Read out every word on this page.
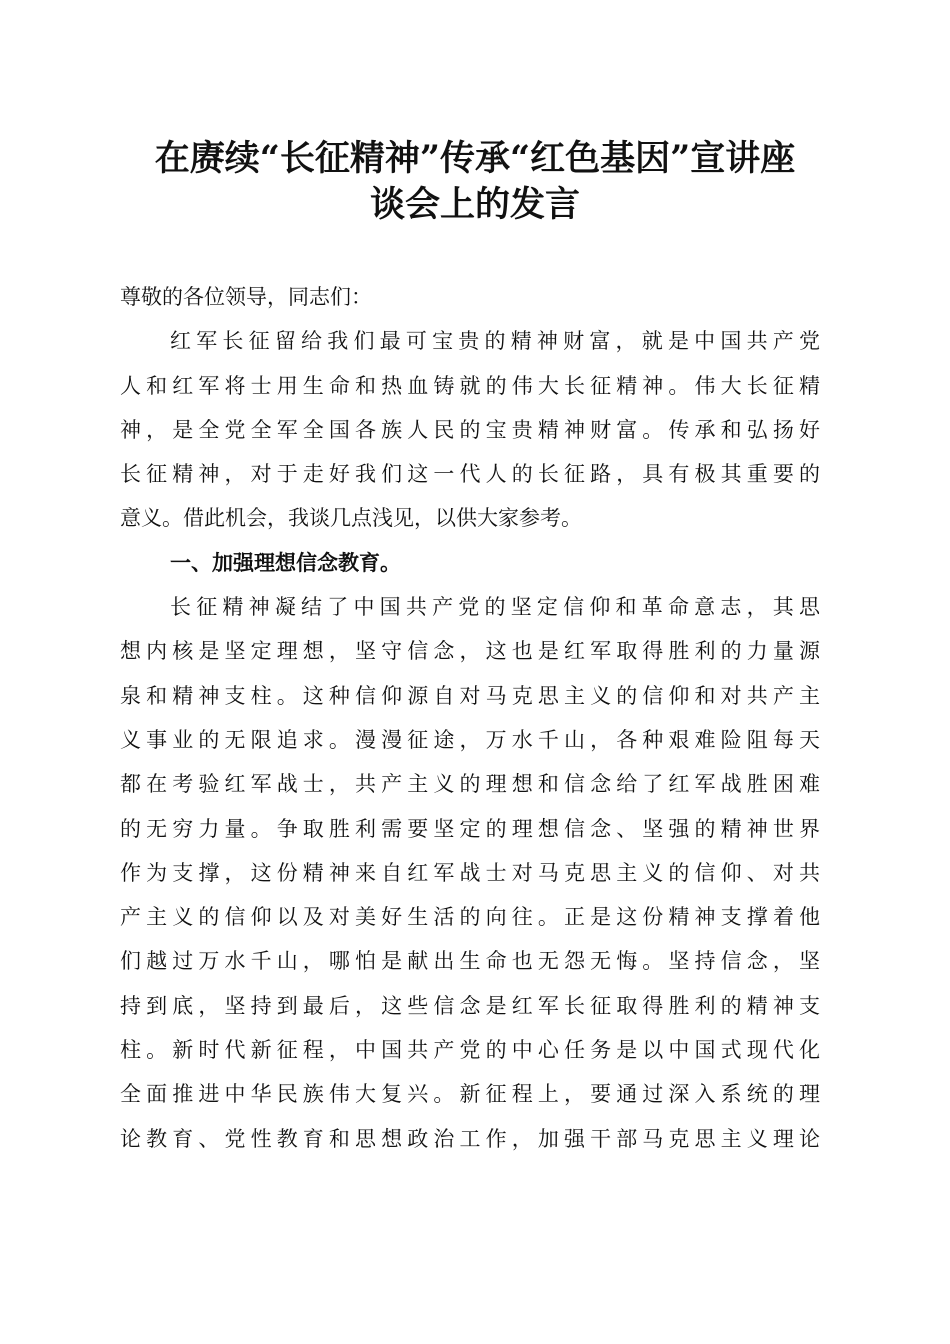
在赓续“长征精神”传承“红色基因”宣讲座
谈会上的发言
尊敬的各位领导，同志们：
红军长征留给我们最可宝贵的精神财富，就是中国共产党
人和红军将士用生命和热血铸就的伟大长征精神。伟大长征精
神，是全党全军全国各族人民的宝贵精神财富。传承和弘扬好
长征精神，对于走好我们这一代人的长征路，具有极其重要的
意义。借此机会，我谈几点浅见，以供大家参考。
一、加强理想信念教育。
长征精神凝结了中国共产党的坚定信仰和革命意志，其思
想内核是坚定理想，坚守信念，这也是红军取得胜利的力量源
泉和精神支柱。这种信仰源自对马克思主义的信仰和对共产主
义事业的无限追求。漫漫征途，万水千山，各种艰难险阻每天
都在考验红军战士，共产主义的理想和信念给了红军战胜困难
的无穷力量。争取胜利需要坚定的理想信念、坚强的精神世界
作为支撑，这份精神来自红军战士对马克思主义的信仰、对共
产主义的信仰以及对美好生活的向往。正是这份精神支撑着他
们越过万水千山，哪怕是献出生命也无怨无悔。坚持信念，坚
持到底，坚持到最后，这些信念是红军长征取得胜利的精神支
柱。新时代新征程，中国共产党的中心任务是以中国式现代化
全面推进中华民族伟大复兴。新征程上，要通过深入系统的理
论教育、党性教育和思想政治工作，加强干部马克思主义理论
